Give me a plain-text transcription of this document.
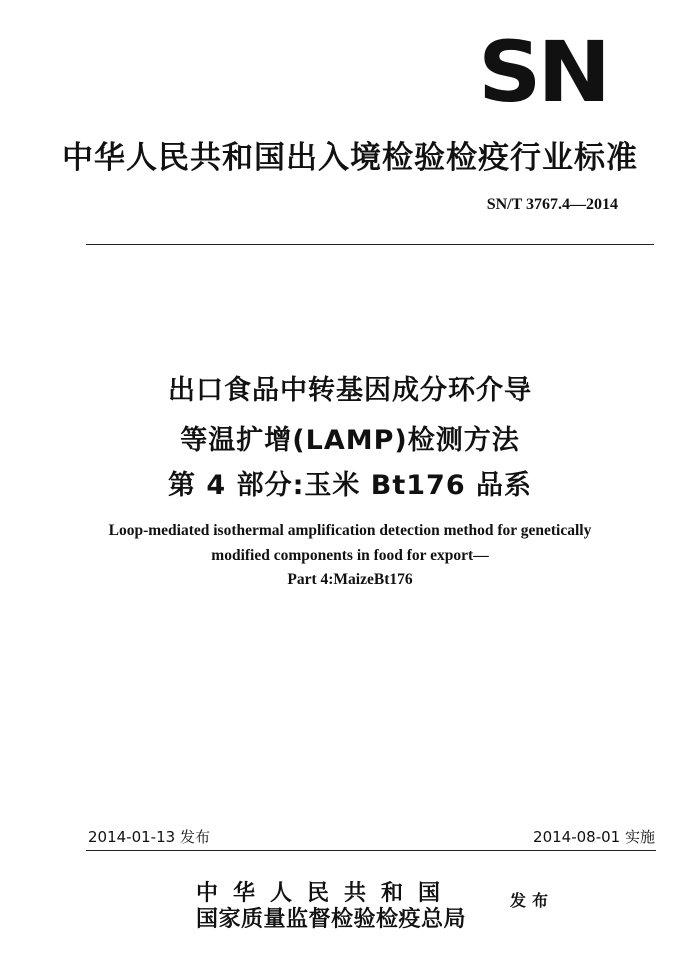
SN
中华人民共和国出入境检验检疫行业标准
SN/T 3767.4—2014
出口食品中转基因成分环介导
等温扩增(LAMP)检测方法
第 4 部分:玉米 Bt176 品系
Loop-mediated isothermal amplification detection method for genetically
modified components in food for export—
Part 4:MaizeBt176
2014-01-13 发布	2014-08-01 实施
中华人民共和国
国家质量监督检验检疫总局
发布
